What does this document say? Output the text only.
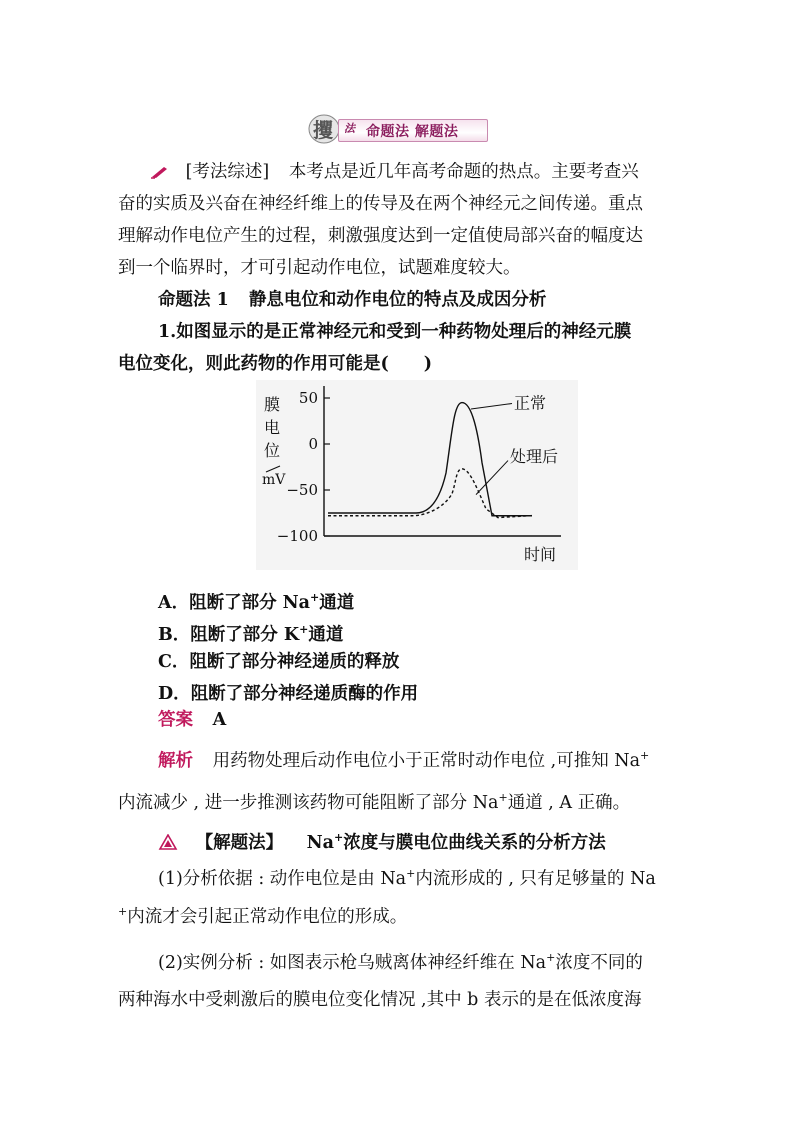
攫 法 命题法 解题法
[考法综述] 本考点是近几年高考命题的热点。主要考查兴
奋的实质及兴奋在神经纤维上的传导及在两个神经元之间传递。重点
理解动作电位产生的过程，刺激强度达到一定值使局部兴奋的幅度达
到一个临界时，才可引起动作电位，试题难度较大。
命题法 1 静息电位和动作电位的特点及成因分析
1.如图显示的是正常神经元和受到一种药物处理后的神经元膜
电位变化，则此药物的作用可能是(　　)
膜
电
位
mV
50
0
−50
−100
正常
处理后
时间
A．阻断了部分 Na+通道
B．阻断了部分 K+通道
C．阻断了部分神经递质的释放
D．阻断了部分神经递质酶的作用
答案 A
解析 用药物处理后动作电位小于正常时动作电位 ,可推知 Na+
内流减少 , 进一步推测该药物可能阻断了部分 Na+通道 , A 正确。
【解题法】 Na+浓度与膜电位曲线关系的分析方法
(1)分析依据 : 动作电位是由 Na+内流形成的 , 只有足够量的 Na
+内流才会引起正常动作电位的形成。
(2)实例分析 : 如图表示枪乌贼离体神经纤维在 Na+浓度不同的
两种海水中受刺激后的膜电位变化情况 ,其中 b 表示的是在低浓度海
